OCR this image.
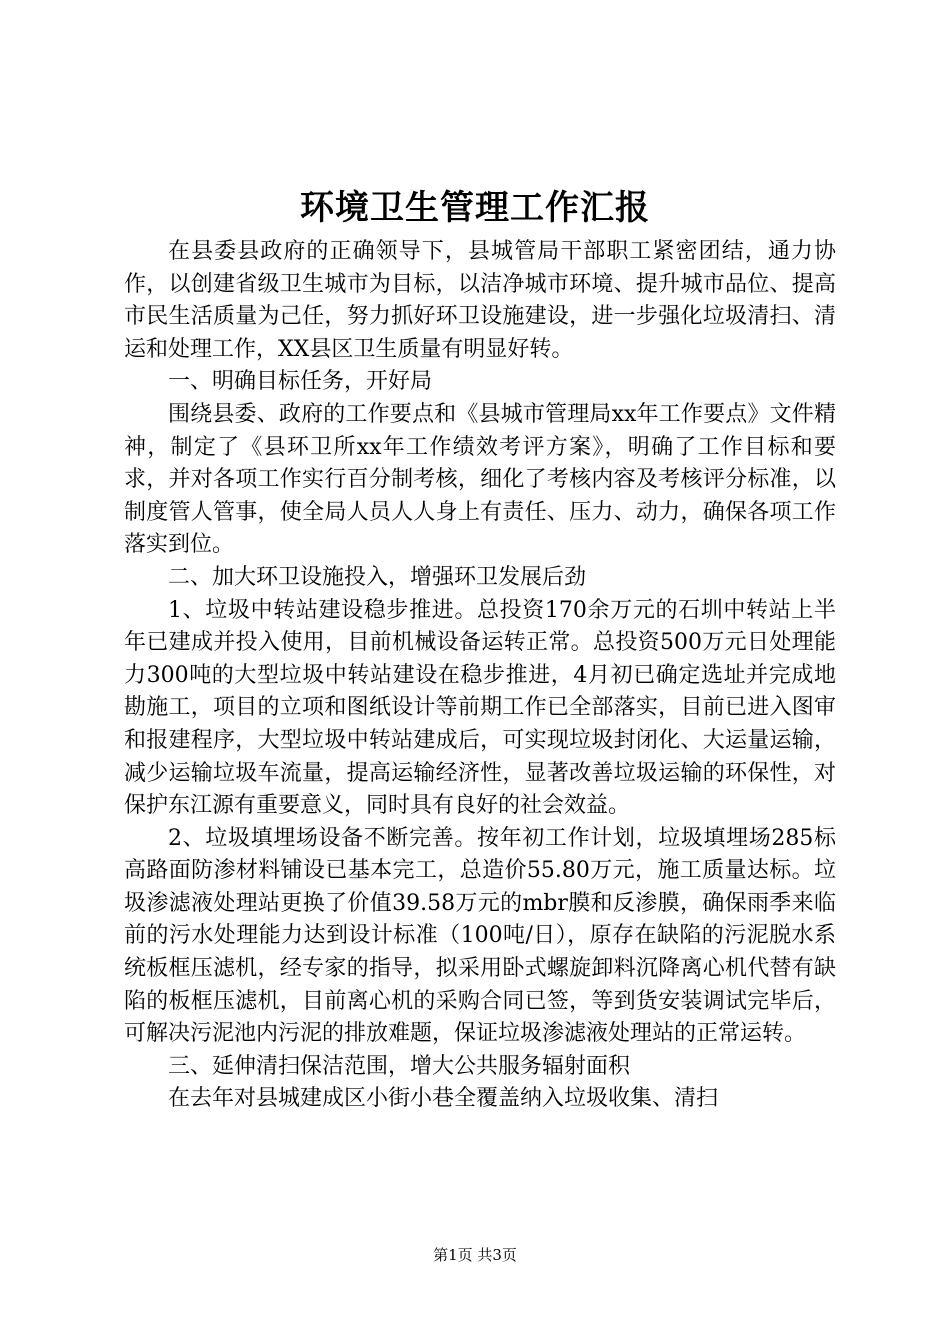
环境卫生管理工作汇报

在县委县政府的正确领导下，县城管局干部职工紧密团结，通力协作，以创建省级卫生城市为目标，以洁净城市环境、提升城市品位、提高市民生活质量为己任，努力抓好环卫设施建设，进一步强化垃圾清扫、清运和处理工作，XX县区卫生质量有明显好转。

一、明确目标任务，开好局

围绕县委、政府的工作要点和《县城市管理局xx年工作要点》文件精神，制定了《县环卫所xx年工作绩效考评方案》，明确了工作目标和要求，并对各项工作实行百分制考核，细化了考核内容及考核评分标准，以制度管人管事，使全局人员人人身上有责任、压力、动力，确保各项工作落实到位。

二、加大环卫设施投入，增强环卫发展后劲

1、垃圾中转站建设稳步推进。总投资170余万元的石圳中转站上半年已建成并投入使用，目前机械设备运转正常。总投资500万元日处理能力300吨的大型垃圾中转站建设在稳步推进，4月初已确定选址并完成地勘施工，项目的立项和图纸设计等前期工作已全部落实，目前已进入图审和报建程序，大型垃圾中转站建成后，可实现垃圾封闭化、大运量运输，减少运输垃圾车流量，提高运输经济性，显著改善垃圾运输的环保性，对保护东江源有重要意义，同时具有良好的社会效益。

2、垃圾填埋场设备不断完善。按年初工作计划，垃圾填埋场285标高路面防渗材料铺设已基本完工，总造价55.80万元，施工质量达标。垃圾渗滤液处理站更换了价值39.58万元的mbr膜和反渗膜，确保雨季来临前的污水处理能力达到设计标准（100吨/日），原存在缺陷的污泥脱水系统板框压滤机，经专家的指导，拟采用卧式螺旋卸料沉降离心机代替有缺陷的板框压滤机，目前离心机的采购合同已签，等到货安装调试完毕后，可解决污泥池内污泥的排放难题，保证垃圾渗滤液处理站的正常运转。

三、延伸清扫保洁范围，增大公共服务辐射面积

在去年对县城建成区小街小巷全覆盖纳入垃圾收集、清扫

第1页 共3页
